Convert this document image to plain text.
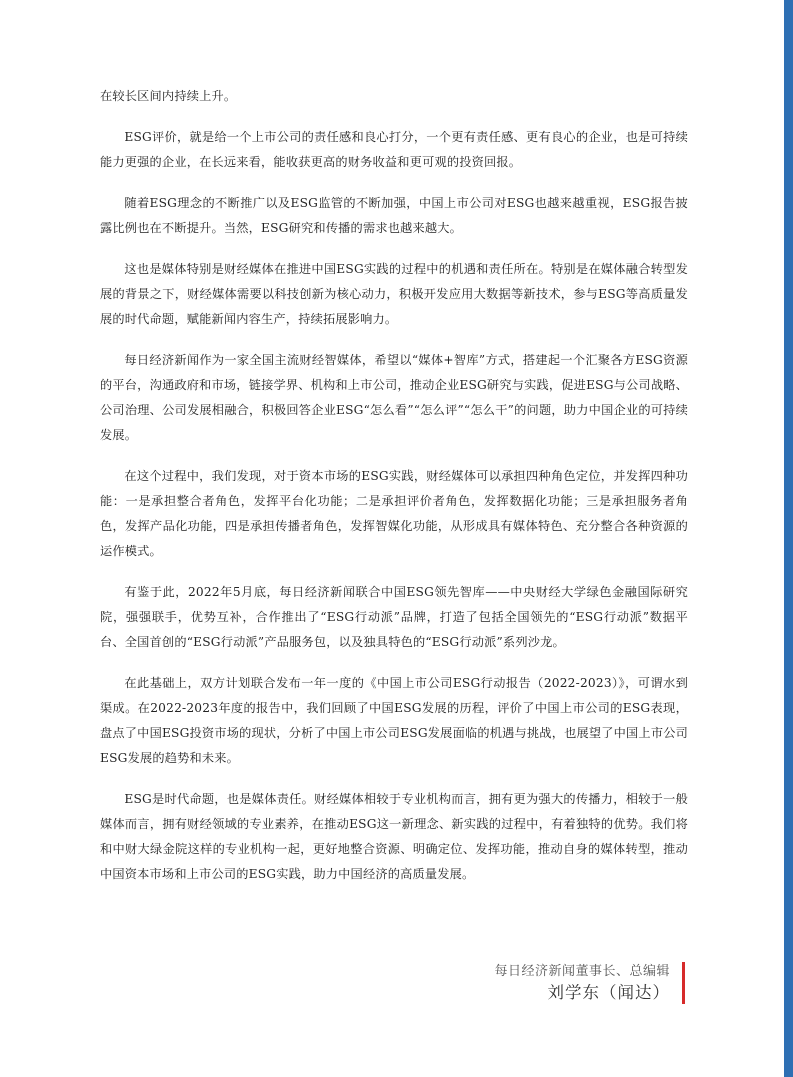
在较长区间内持续上升。

ESG评价，就是给一个上市公司的责任感和良心打分，一个更有责任感、更有良心的企业，也是可持续能力更强的企业，在长远来看，能收获更高的财务收益和更可观的投资回报。

随着ESG理念的不断推广以及ESG监管的不断加强，中国上市公司对ESG也越来越重视，ESG报告披露比例也在不断提升。当然，ESG研究和传播的需求也越来越大。

这也是媒体特别是财经媒体在推进中国ESG实践的过程中的机遇和责任所在。特别是在媒体融合转型发展的背景之下，财经媒体需要以科技创新为核心动力，积极开发应用大数据等新技术，参与ESG等高质量发展的时代命题，赋能新闻内容生产，持续拓展影响力。

每日经济新闻作为一家全国主流财经智媒体，希望以“媒体+智库”方式，搭建起一个汇聚各方ESG资源的平台，沟通政府和市场，链接学界、机构和上市公司，推动企业ESG研究与实践，促进ESG与公司战略、公司治理、公司发展相融合，积极回答企业ESG“怎么看”“怎么评”“怎么干”的问题，助力中国企业的可持续发展。

在这个过程中，我们发现，对于资本市场的ESG实践，财经媒体可以承担四种角色定位，并发挥四种功能：一是承担整合者角色，发挥平台化功能；二是承担评价者角色，发挥数据化功能；三是承担服务者角色，发挥产品化功能，四是承担传播者角色，发挥智媒化功能，从形成具有媒体特色、充分整合各种资源的运作模式。

有鉴于此，2022年5月底，每日经济新闻联合中国ESG领先智库——中央财经大学绿色金融国际研究院，强强联手，优势互补，合作推出了“ESG行动派”品牌，打造了包括全国领先的“ESG行动派”数据平台、全国首创的“ESG行动派”产品服务包，以及独具特色的“ESG行动派”系列沙龙。

在此基础上，双方计划联合发布一年一度的《中国上市公司ESG行动报告（2022-2023）》，可谓水到渠成。在2022-2023年度的报告中，我们回顾了中国ESG发展的历程，评价了中国上市公司的ESG表现，盘点了中国ESG投资市场的现状，分析了中国上市公司ESG发展面临的机遇与挑战，也展望了中国上市公司ESG发展的趋势和未来。

ESG是时代命题，也是媒体责任。财经媒体相较于专业机构而言，拥有更为强大的传播力，相较于一般媒体而言，拥有财经领域的专业素养，在推动ESG这一新理念、新实践的过程中，有着独特的优势。我们将和中财大绿金院这样的专业机构一起，更好地整合资源、明确定位、发挥功能，推动自身的媒体转型，推动中国资本市场和上市公司的ESG实践，助力中国经济的高质量发展。

每日经济新闻董事长、总编辑
刘学东（闻达）
